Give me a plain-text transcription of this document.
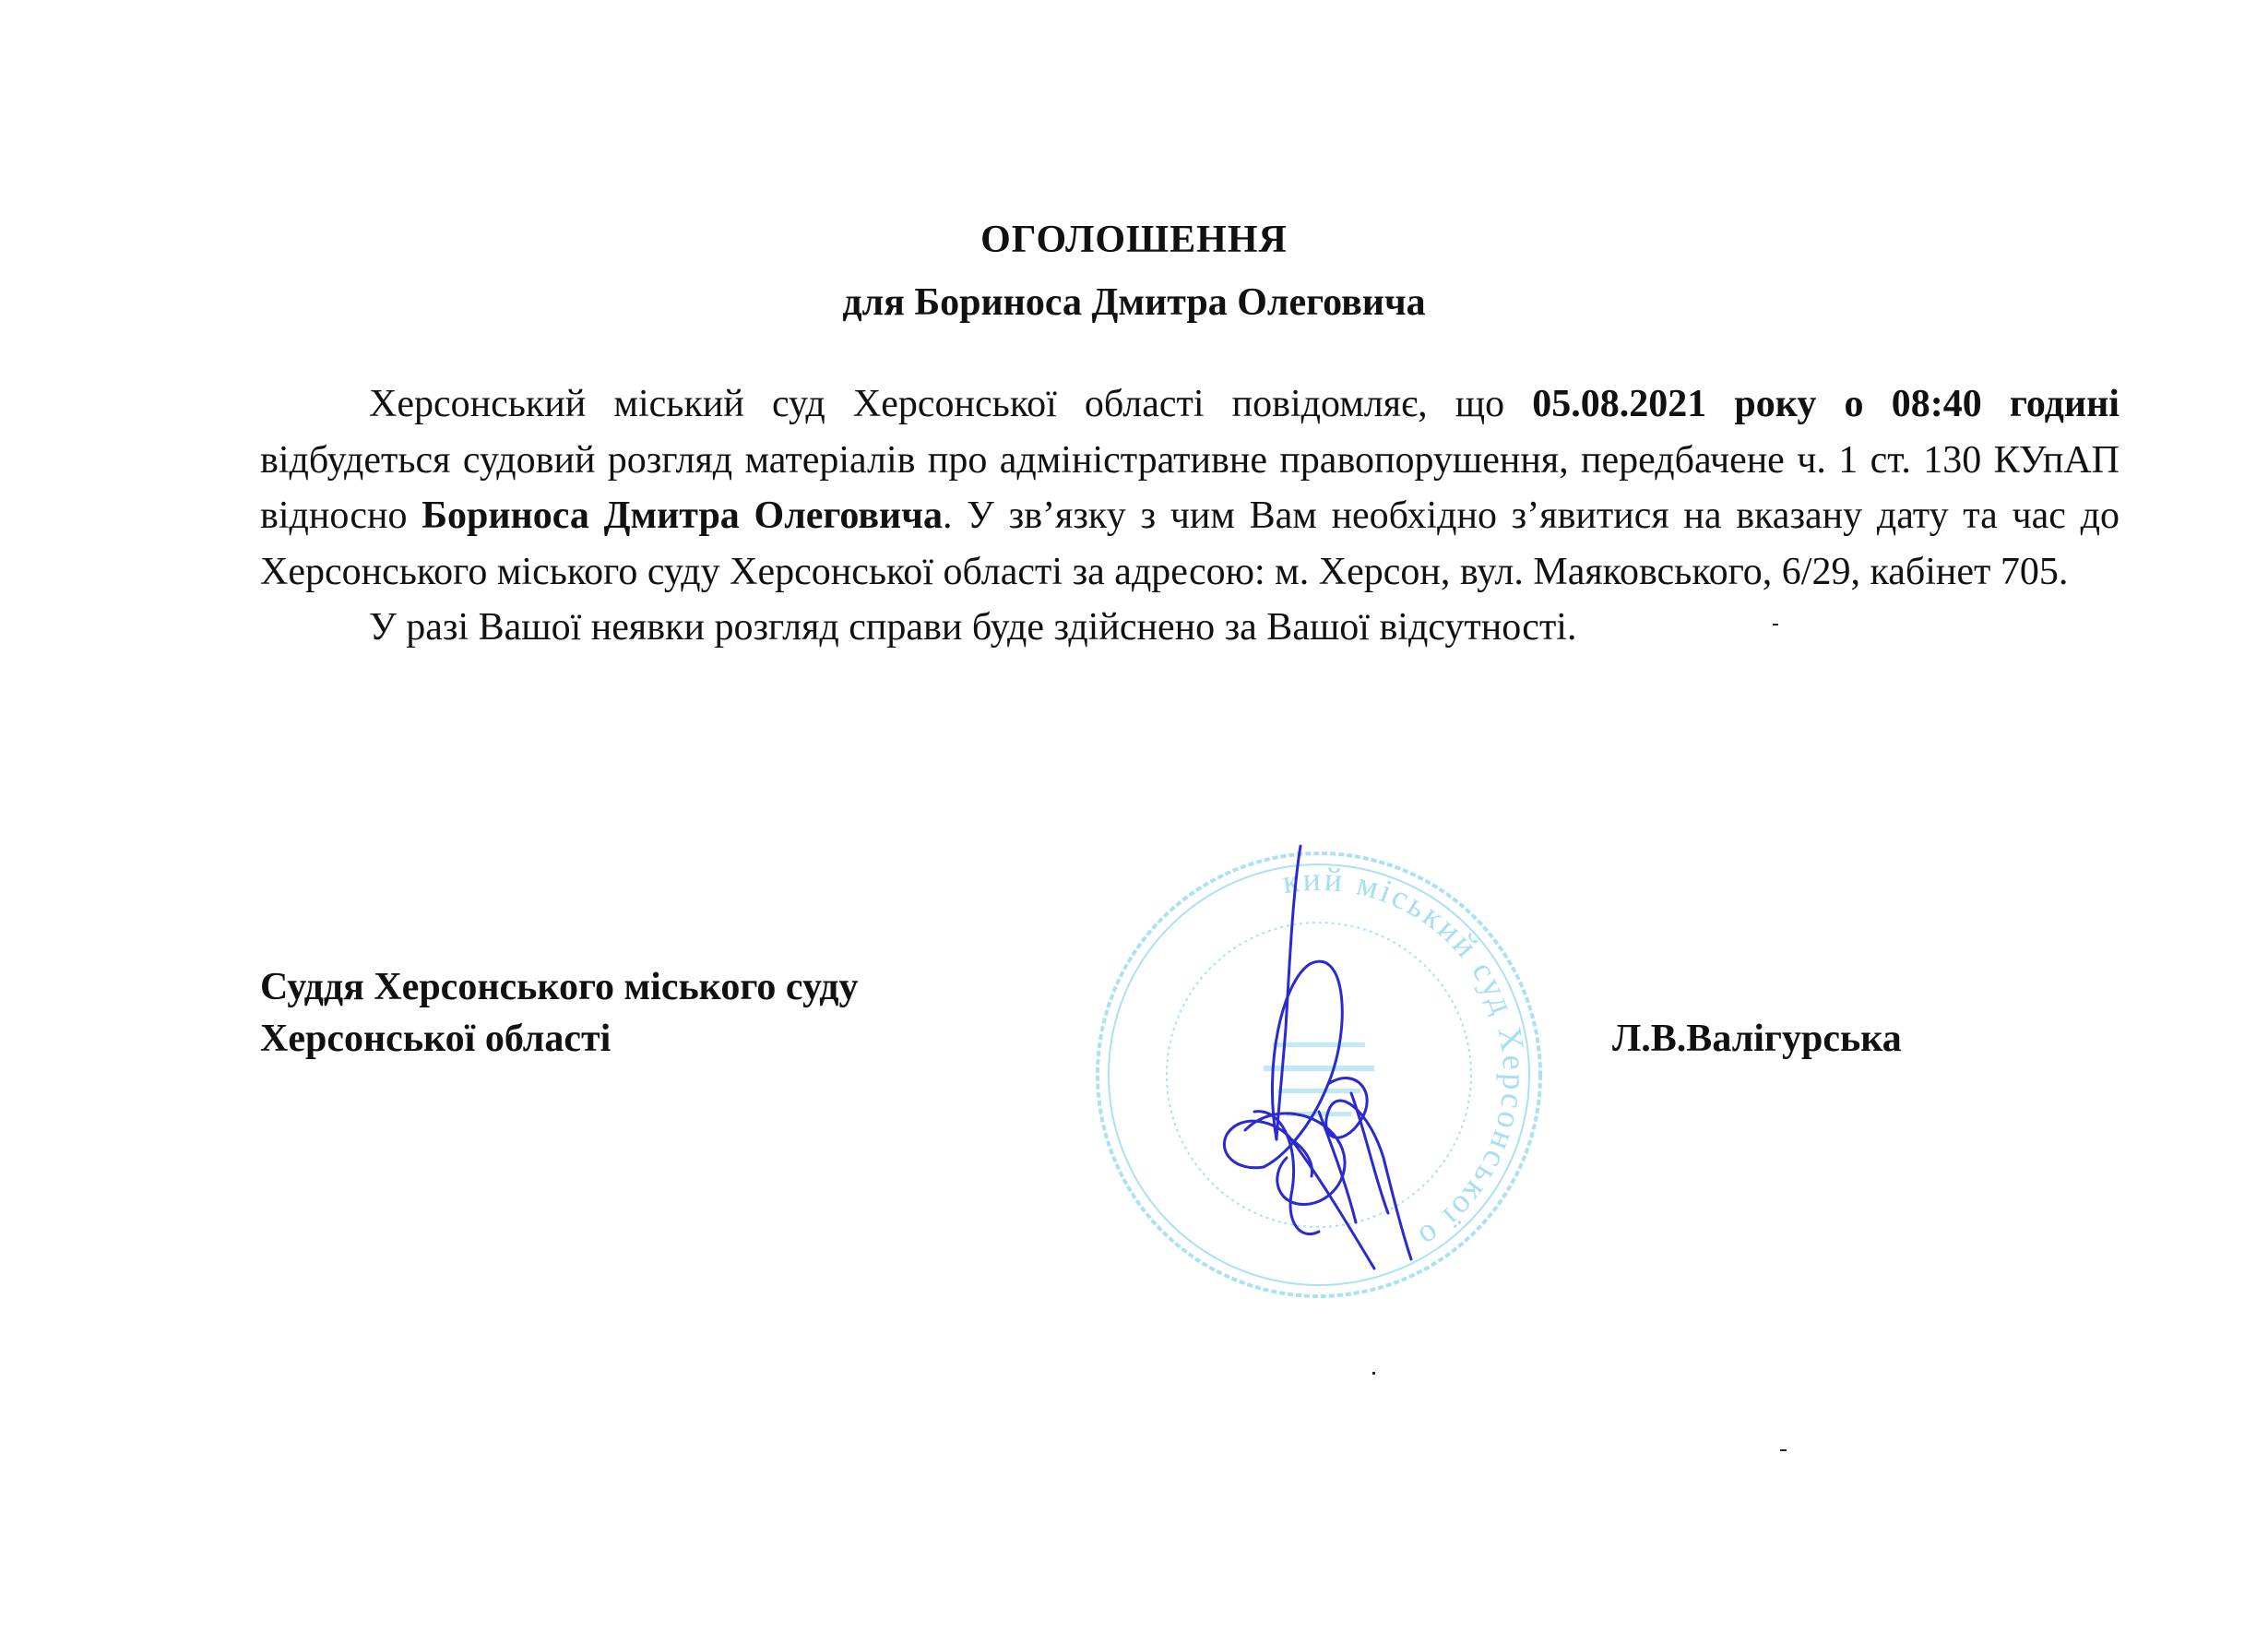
ОГОЛОШЕННЯ
для Бориноса Дмитра Олеговича

Херсонський міський суд Херсонської області повідомляє, що 05.08.2021 року о 08:40 годині відбудеться судовий розгляд матеріалів про адміністративне правопорушення, передбачене ч. 1 ст. 130 КУпАП відносно Бориноса Дмитра Олеговича. У зв’язку з чим Вам необхідно з’явитися на вказану дату та час до Херсонського міського суду Херсонської області за адресою: м. Херсон, вул. Маяковського, 6/29, кабінет 705.

У разі Вашої неявки розгляд справи буде здійснено за Вашої відсутності.

кий міський суд Херсонської о
Суддя Херсонського міського суду
Херсонської області	Л.В.Валігурська
